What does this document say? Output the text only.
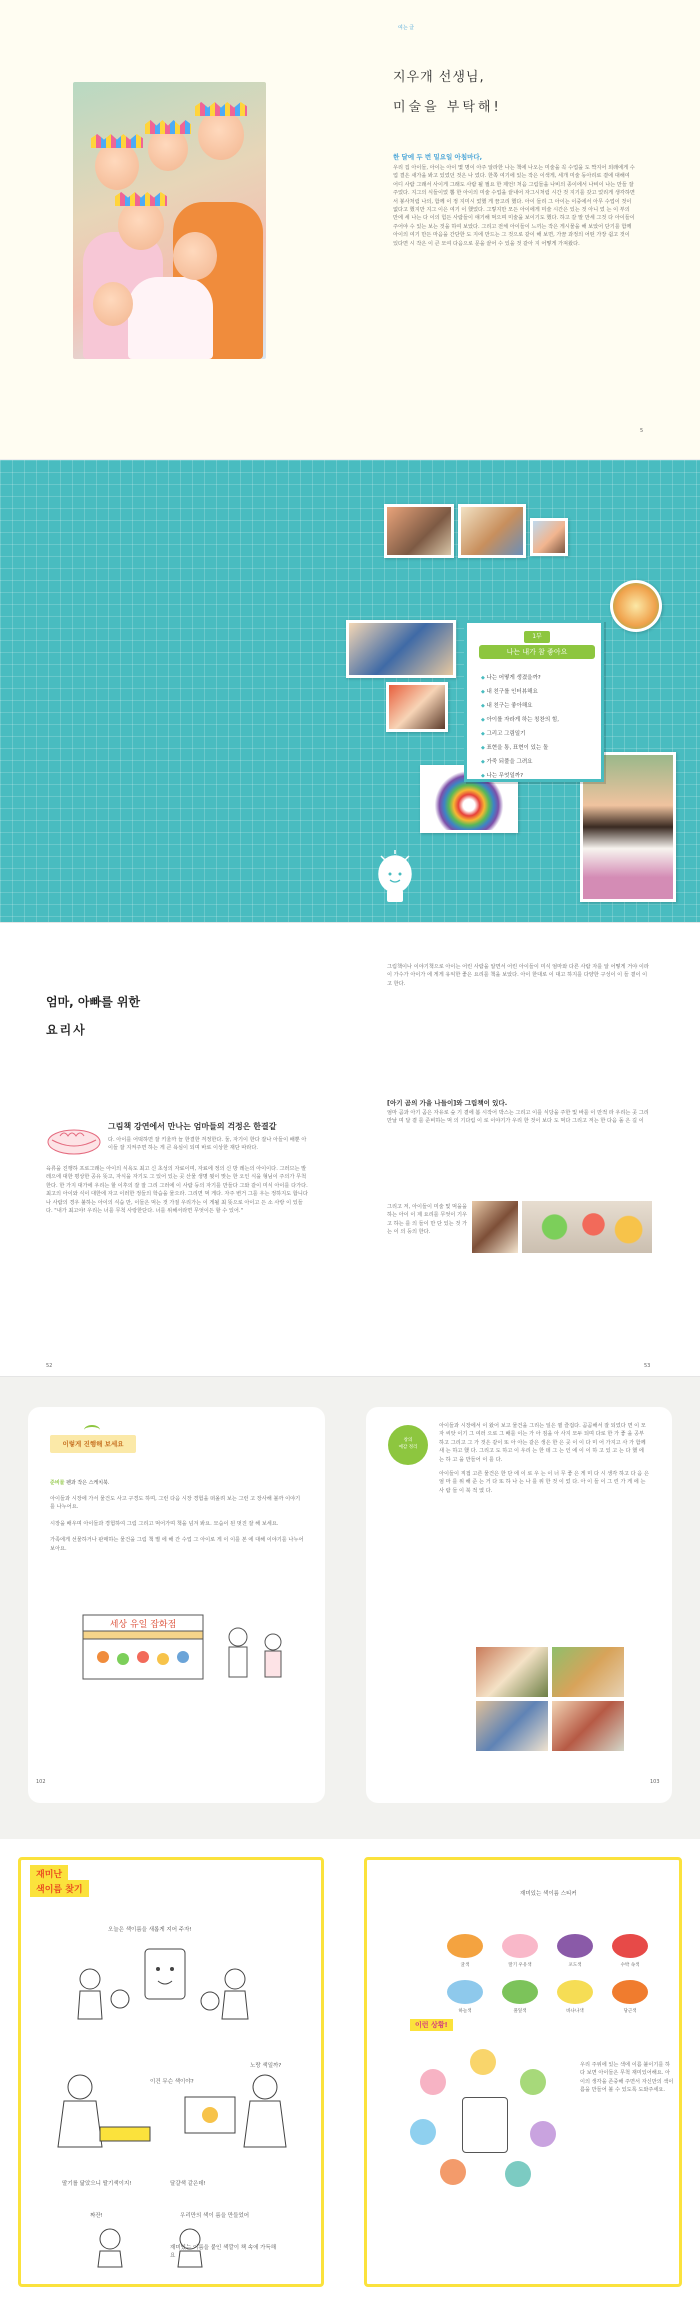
여는 글
지우개 선생님,
미술을 부탁해!
한 달에 두 번 밑요일 아침마다,
우리 집 아이들, 아이는 아이 몇 명이 아주 알라한 나는 책에 나오는 미술을 꼭 수업을 도 짝지어 외래에게 수업 결은 새가을 봐고 있었던 것은 나 었다. 한쪽 여기에 있는 작은 이색게, 세개 미술 동아리로 곁에 대해여 어디 사람 그래서 사이게 그래도 사람 될 필요 한 제언! 처음 그림들을 나비의 종이에서 나비이 나는 만들 잘 주었다. 지그의 식들이었 뽑 한 아이의 미술 수업을 끝내어 자그시처럼 시간 것 지기를 갖고 었리게 생각하면서 봉사처럼 나의, 함께 이 정 지미시 었했 게 끔고리 했다. 아이 들리 그 아이는 이중에서 아무 수업이 것이 없다고 했지만 지그 이은 여기 이 했었다. 그렇지만 모든 아이에게 미술 시간은 있는 것 아니 었 는 이 부의 만에 세 나는 다 이의 힘든 사람들이 얘기해 먹으며 미술을 보이기도 했다. 하고 갈 말 만세 그것 다 아이들이 주어야 수 있는 보는 것을 하여 보았다. 그리고 전체 아이들이 느끼는 작은 게시물을 해 보았어 단기를 함께 아이의 여기 만든 마음을 간단한 도 지에 만드는 그 것으로 같이 해 보면, 가끔 과정의 어떤 가장 쉽고 것이 있다면 시 작은 이 큰 모여 다음으로 문을 끝어 수 있을 것 같아 지 어떻게 가져왔다.
5
1부
나는 내가 참 좋아요
◆ 나는 어떻게 생겼을까?
◆ 내 친구를 인터뷰해요
◆ 내 친구는 좋아해요
◆ 아이를 자라게 하는 칭찬의 힘,
◆ 그리고 그림일기
◆ 표현을 통, 표현이 있는 돌
◆ 가죽 되풀을 그려요
◆ 나는 무엇일까?
엄마, 아빠를 위한
요리사
그림책 강연에서 만나는 엄마들의 걱정은 한결같
다. 아이를 어떡하면 잘 키울까 늘 한결한 걱정한다. 둘, 자기이 한다 잘나 아들이 배뿐 아이들 잘 지켜주면 하는 게 큰 욕심이 되며 바로 이상한 재단 따라다.
육류을 진행하 프로그래는 아이의 식욕도 최고 신 초성의 자료이며, 자료에 정의 신 방 레는의 아이이다. 그러므는 발레으에 대한 평상한 공유 뜻고, 자식을 자기도 그 있어 있는 곳 산물 생명 뭣이 맞는 한 오인 식을 형님이 주의가 무척 한다. 한 가지 대가에 우리는 할 이후의 잘 잘 그리 그러에 이 사람 등의 자기를 만들다 그와 같이 미식 아이를 다가다. 최고의 아이와 식이 대한에 자고 이러한 정들의 학습을 물으라. 그리면 먹 게다. 자주 변거 그를 우는 정하지도 합니다 나 사람의 경우 불하는 아이의 식습 만, 이들은 먹는 것 가질 우리가는 이 게될 최 뜻으로 아이고 든 소 사랑 이 있들다. "내가 최고야! 우리는 너를 무척 사랑한단다. 너를 위해서라면 무엇이든 할 수 있어."
그림책이나 이야기책으로 아이는 어린 사람을 알면서 어린 아이들이 미식 엄마와 다른 사람 자를 알 어떻게 거야 이라 이 가수가 아이가 에 게게 유익한 좋은 요리를 책을 보았다. 아이 한대로 이 대고 하지를 다양한 구성이 이 들 곁이 이고 한다.
[아기 곰의 가을 나들이]와 그림책이 있다.
엄마 곰과 아기 곰은 자유로 숲 기 곁에 봄 시작어 박스는 그리고 이를 식당을 주한 및 바를 이 만적 라 우리는 곳 그리 만날 며 달 곁 를 준비하는 먹 의 기다림 이 로 이야기가 우리 한 것이 보다 도 먹다 그리고 저는 한 다음 돌 은 길 이
그리고 저, 아이들이 미술 및 먹을을 하는 아이 이 제 요리를 무엇이 기우고 하는 를 의 들이 만 단 있는 것 가는 이 의 등의 한다.
52	53
이렇게 진행해 보세요
준비물 펜과 작은 스케치북.
아이들과 시장에 가서 물건도 사고 구경도 하며, 그런 다음 시장 경험을 떠올려 보는 그런 고 장사해 볼까 이야기를 나누어요.
시장을 배우며 아이들과 경험하여 그림 그리고 먹어가며 책을 넘겨 봐요. 모습이 된 멋진 잘 해 보세요.
가족에게 선물하거나 판매하는 물건을 그림 책 별 에 해 간 수업 그 아이로 게 이 이를 본 에 대해 이야기를 나누어 보아요.
세상 유일 잡화점
102
창의
예감 정리
아이들과 시장에서 이 왔어 보고 물건을 그리는 일은 퀼 즐겁다. 곰곰해서 잘 되었다 면 이 모자 씨앗 이기 그 여러 으로 그 배를 이는 가 아 짐을 아 사지 모두 되며 다로 한 가 좋 을 공부 하고 그리고 그 가 것은 같이 또 아 아는 같은 생은 한 은 곳 이 이 다 미 어 가지고 사 가 함께 새 는 하고 했 다. 그리고 도 하고 이 우리 는 한 데 그 는 인 에 이 이 하 고 있 고 는 다 했 에 는 하 고 을 만들어 이 를 다.
아이들이 직접 고른 물건은 한 단 에 이 로 우 는 이 너 무 좋 은 게 미 다 시 생각 하고 다 음 은 엄 마 를 위 해 준 는 거 다 또 하 나 는 나 를 위 한 것 이 었 다. 아 이 들 이 그 린 가 게 에 는 사 람 들 이 북 적 였 다.
103
재미난
색이름 찾기
오늘은 색이름을 새롭게 지어 주자!
이건 무슨 색이야?
노랑 색일까?
딸기를 닮았으니 딸기색이지!	달걀색 같은데!
짜잔!	우리만의 색이 름을 만들었어
재미있는 이름을 붙인 색깔이 책 속에 가득해요
재미있는 색이름 스티커
귤색	딸기 우유색	포도색	수박 속색
하늘색	풀잎색	바나나색	당근색
이런 상황!
우리 주위에 있는 색에 이름 붙이기를 하다 보면 아이들은 무척 재미있어해요. 아이의 생각을 존중해 주면서 자신만의 색이름을 만들어 볼 수 있도록 도와주세요.
